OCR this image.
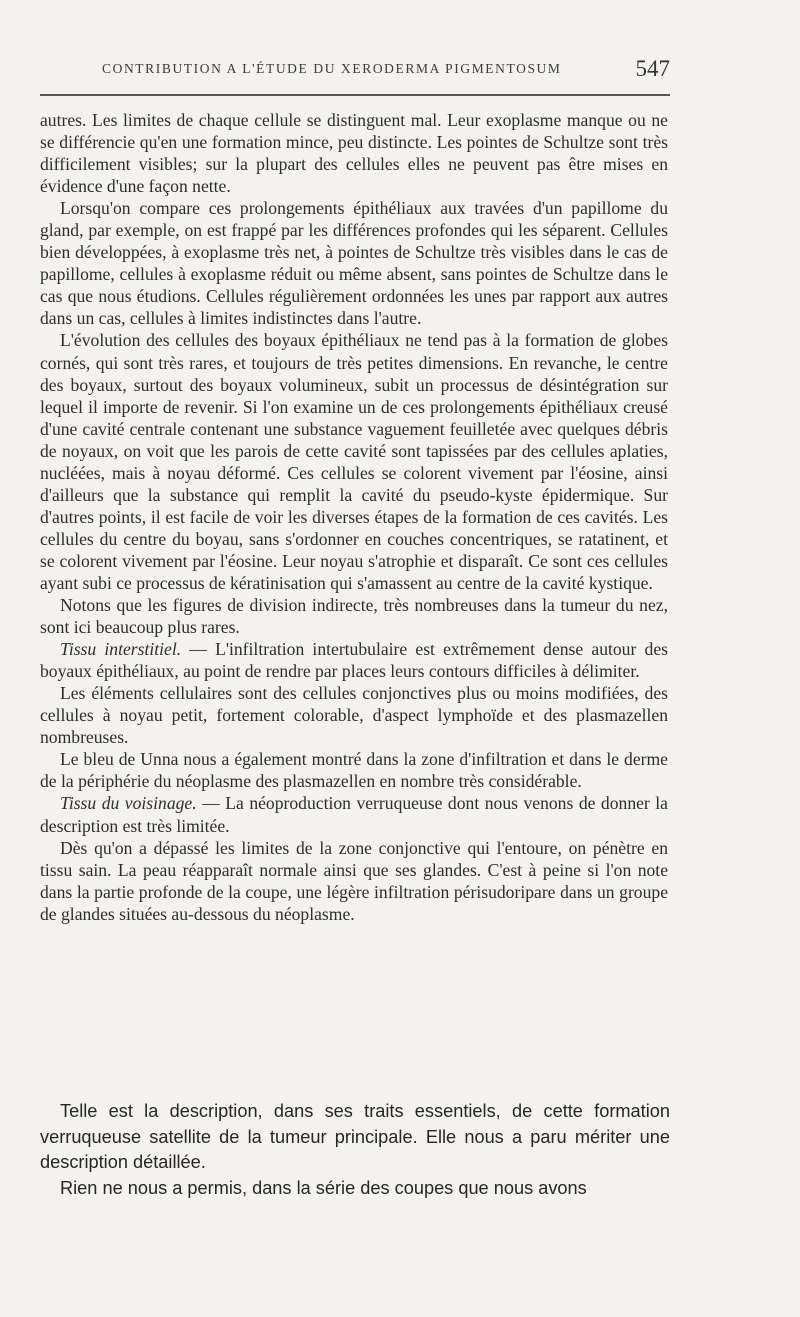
CONTRIBUTION A L'ÉTUDE DU XERODERMA PIGMENTOSUM	547

autres. Les limites de chaque cellule se distinguent mal. Leur exoplasme manque ou ne se différencie qu'en une formation mince, peu distincte. Les pointes de Schultze sont très difficilement visibles; sur la plupart des cellules elles ne peuvent pas être mises en évidence d'une façon nette.

Lorsqu'on compare ces prolongements épithéliaux aux travées d'un papillome du gland, par exemple, on est frappé par les différences profondes qui les séparent. Cellules bien développées, à exoplasme très net, à pointes de Schultze très visibles dans le cas de papillome, cellules à exoplasme réduit ou même absent, sans pointes de Schultze dans le cas que nous étudions. Cellules régulièrement ordonnées les unes par rapport aux autres dans un cas, cellules à limites indistinctes dans l'autre.

L'évolution des cellules des boyaux épithéliaux ne tend pas à la formation de globes cornés, qui sont très rares, et toujours de très petites dimensions. En revanche, le centre des boyaux, surtout des boyaux volumineux, subit un processus de désintégration sur lequel il importe de revenir. Si l'on examine un de ces prolongements épithéliaux creusé d'une cavité centrale contenant une substance vaguement feuilletée avec quelques débris de noyaux, on voit que les parois de cette cavité sont tapissées par des cellules aplaties, nucléées, mais à noyau déformé. Ces cellules se colorent vivement par l'éosine, ainsi d'ailleurs que la substance qui remplit la cavité du pseudo-kyste épidermique. Sur d'autres points, il est facile de voir les diverses étapes de la formation de ces cavités. Les cellules du centre du boyau, sans s'ordonner en couches concentriques, se ratatinent, et se colorent vivement par l'éosine. Leur noyau s'atrophie et disparaît. Ce sont ces cellules ayant subi ce processus de kératinisation qui s'amassent au centre de la cavité kystique.

Notons que les figures de division indirecte, très nombreuses dans la tumeur du nez, sont ici beaucoup plus rares.

Tissu interstitiel. — L'infiltration intertubulaire est extrêmement dense autour des boyaux épithéliaux, au point de rendre par places leurs contours difficiles à délimiter.

Les éléments cellulaires sont des cellules conjonctives plus ou moins modifiées, des cellules à noyau petit, fortement colorable, d'aspect lymphoïde et des plasmazellen nombreuses.

Le bleu de Unna nous a également montré dans la zone d'infiltration et dans le derme de la périphérie du néoplasme des plasmazellen en nombre très considérable.

Tissu du voisinage. — La néoproduction verruqueuse dont nous venons de donner la description est très limitée.

Dès qu'on a dépassé les limites de la zone conjonctive qui l'entoure, on pénètre en tissu sain. La peau réapparaît normale ainsi que ses glandes. C'est à peine si l'on note dans la partie profonde de la coupe, une légère infiltration périsudoripare dans un groupe de glandes situées au-dessous du néoplasme.

Telle est la description, dans ses traits essentiels, de cette formation verruqueuse satellite de la tumeur principale. Elle nous a paru mériter une description détaillée.

Rien ne nous a permis, dans la série des coupes que nous avons
